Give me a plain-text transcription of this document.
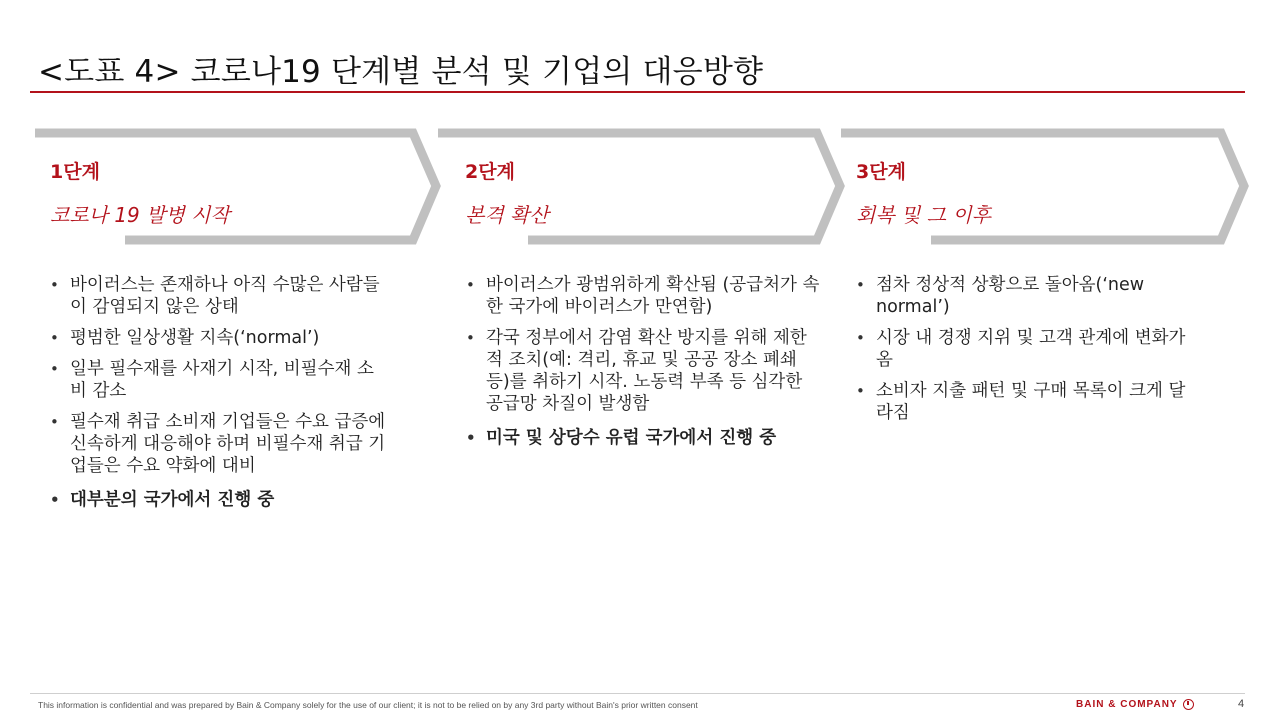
<도표 4> 코로나19 단계별 분석 및 기업의 대응방향
1단계
코로나 19 발병 시작
• 바이러스는 존재하나 아직 수많은 사람들이 감염되지 않은 상태
• 평범한 일상생활 지속(‘normal’)
• 일부 필수재를 사재기 시작, 비필수재 소비 감소
• 필수재 취급 소비재 기업들은 수요 급증에 신속하게 대응해야 하며 비필수재 취급 기업들은 수요 약화에 대비
• 대부분의 국가에서 진행 중
2단계
본격 확산
• 바이러스가 광범위하게 확산됨 (공급처가 속한 국가에 바이러스가 만연함)
• 각국 정부에서 감염 확산 방지를 위해 제한적 조치(예: 격리, 휴교 및 공공 장소 폐쇄 등)를 취하기 시작. 노동력 부족 등 심각한 공급망 차질이 발생함
• 미국 및 상당수 유럽 국가에서 진행 중
3단계
회복 및 그 이후
• 점차 정상적 상황으로 돌아옴(‘new normal’)
• 시장 내 경쟁 지위 및 고객 관계에 변화가 옴
• 소비자 지출 패턴 및 구매 목록이 크게 달라짐
This information is confidential and was prepared by Bain & Company solely for the use of our client; it is not to be relied on by any 3rd party without Bain's prior written consent	BAIN & COMPANY	4
